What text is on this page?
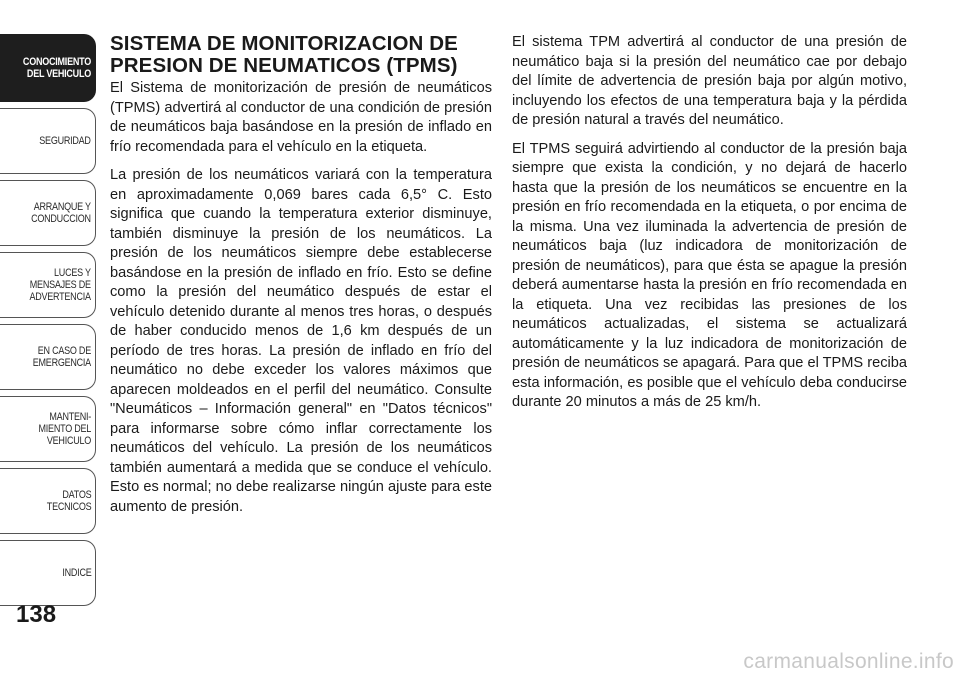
CONOCIMIENTO
DEL VEHICULO
SEGURIDAD
ARRANQUE Y
CONDUCCION
LUCES Y
MENSAJES DE
ADVERTENCIA
EN CASO DE
EMERGENCIA
MANTENI-
MIENTO DEL
VEHICULO
DATOS
TECNICOS
INDICE
138
SISTEMA DE MONITORIZACION DE PRESION DE NEUMATICOS (TPMS)

El Sistema de monitorización de presión de neumáticos (TPMS) advertirá al conductor de una condición de presión de neumáticos baja basándose en la presión de inflado en frío recomendada para el vehículo en la etiqueta.

La presión de los neumáticos variará con la temperatura en aproximadamente 0,069 bares cada 6,5° C. Esto significa que cuando la temperatura exterior disminuye, también disminuye la presión de los neumáticos. La presión de los neumáticos siempre debe establecerse basándose en la presión de inflado en frío. Esto se define como la presión del neumático después de estar el vehículo detenido durante al menos tres horas, o después de haber conducido menos de 1,6 km después de un período de tres horas. La presión de inflado en frío del neumático no debe exceder los valores máximos que aparecen moldeados en el perfil del neumático. Consulte "Neumáticos – Información general" en "Datos técnicos" para informarse sobre cómo inflar correctamente los neumáticos del vehículo. La presión de los neumáticos también aumentará a medida que se conduce el vehículo. Esto es normal; no debe realizarse ningún ajuste para este aumento de presión.

El sistema TPM advertirá al conductor de una presión de neumático baja si la presión del neumático cae por debajo del límite de advertencia de presión baja por algún motivo, incluyendo los efectos de una temperatura baja y la pérdida de presión natural a través del neumático.

El TPMS seguirá advirtiendo al conductor de la presión baja siempre que exista la condición, y no dejará de hacerlo hasta que la presión de los neumáticos se encuentre en la presión en frío recomendada en la etiqueta, o por encima de la misma. Una vez iluminada la advertencia de presión de neumáticos baja (luz indicadora de monitorización de presión de neumáticos), para que ésta se apague la presión deberá aumentarse hasta la presión en frío recomendada en la etiqueta. Una vez recibidas las presiones de los neumáticos actualizadas, el sistema se actualizará automáticamente y la luz indicadora de monitorización de presión de neumáticos se apagará. Para que el TPMS reciba esta información, es posible que el vehículo deba conducirse durante 20 minutos a más de 25 km/h.

carmanualsonline.info
